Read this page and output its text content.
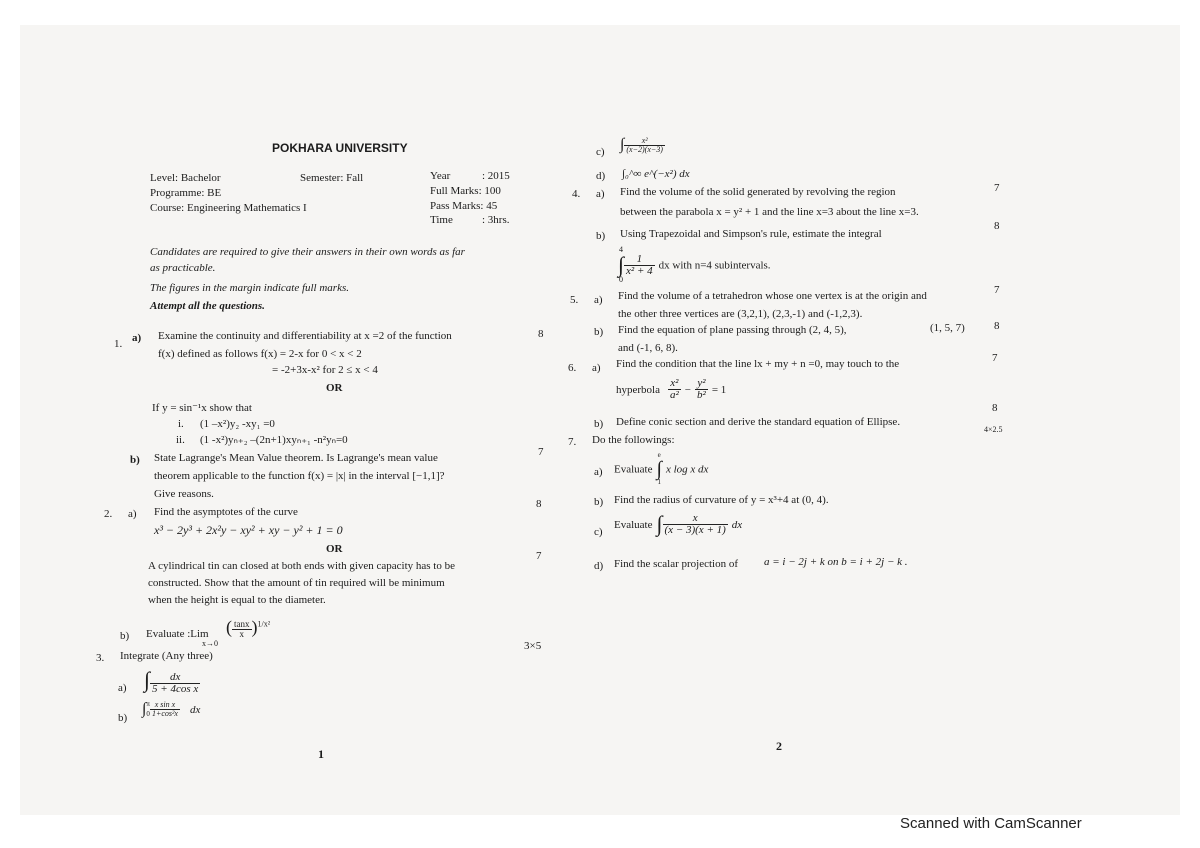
POKHARA UNIVERSITY
Level: Bachelor
Programme: BE
Course: Engineering Mathematics I
Semester: Fall	Year	: 2015
Full Marks: 100
Pass Marks: 45
Time	: 3hrs.
Candidates are required to give their answers in their own words as far
as practicable.
The figures in the margin indicate full marks.
Attempt all the questions.
1. a) Examine the continuity and differentiability at x =2 of the function
f(x) defined as follows f(x) = 2-x for 0 < x < 2
= -2+3x-x² for 2 ≤ x < 4
8
OR
If y = sin⁻¹x show that
i. (1 –x²)y₂ -xy₁ =0
ii. (1 -x²)yₙ₊₂ –(2n+1)xyₙ₊₁ -n²yₙ=0
b) State Lagrange's Mean Value theorem. Is Lagrange's mean value
theorem applicable to the function f(x) = |x| in the interval [−1,1]?
Give reasons.
7
2. a) Find the asymptotes of the curve
x³ − 2y³ + 2x²y − xy² + xy − y² + 1 = 0
8
OR
A cylindrical tin can closed at both ends with given capacity has to be
constructed. Show that the amount of tin required will be minimum
when the height is equal to the diameter.
7
b) Evaluate :Lim
x→0
( $\frac{\tan x}{x} )^{1/x^2}$
3. Integrate (Any three)
3×5
a) ∫ $\frac{dx}{\text{5 + 4cos x}}$
b)
∫ π
$0 \frac{\text{x sin x}}{\text{1+cos²x}}$ dx
1
c) ∫ $\frac{\text{x²}}{(x-2)(x-3)}$
d) ∫₀^∞ e^(−x²) dx
4. a) Find the volume of the solid generated by revolving the region
between the parabola x = y² + 1 and the line x=3 about the line x=3.
7
b) Using Trapezoidal and Simpson's rule, estimate the integral
8
4
∫
0
$\frac{1}{\text{x² + 4}}$ dx with n=4 subintervals.
5. a) Find the volume of a tetrahedron whose one vertex is at the origin and
the other three vertices are (3,2,1), (2,3,-1) and (-1,2,3).
7
b) Find the equation of plane passing through (2, 4, 5),	(1, 5, 7)
and (-1, 6, 8).
8
6. a) Find the condition that the line lx + my + n =0, may touch to the	7
hyperbola $\frac{\text{x²}}{\text{a²}} - \frac{\text{y²}}{\text{b²}} = 1$
b) Define conic section and derive the standard equation of Ellipse.
8
7. Do the followings:
4×2.5
a) Evaluate
e
∫
1
x log x dx
b) Find the radius of curvature of y = x³+4 at (0, 4).
c)
Evaluate ∫ $\frac{x}{(x - 3)(x + 1)}$ dx
d) Find the scalar projection of a = i − 2j + k on b = i + 2j − k .
2
Scanned with CamScanner
